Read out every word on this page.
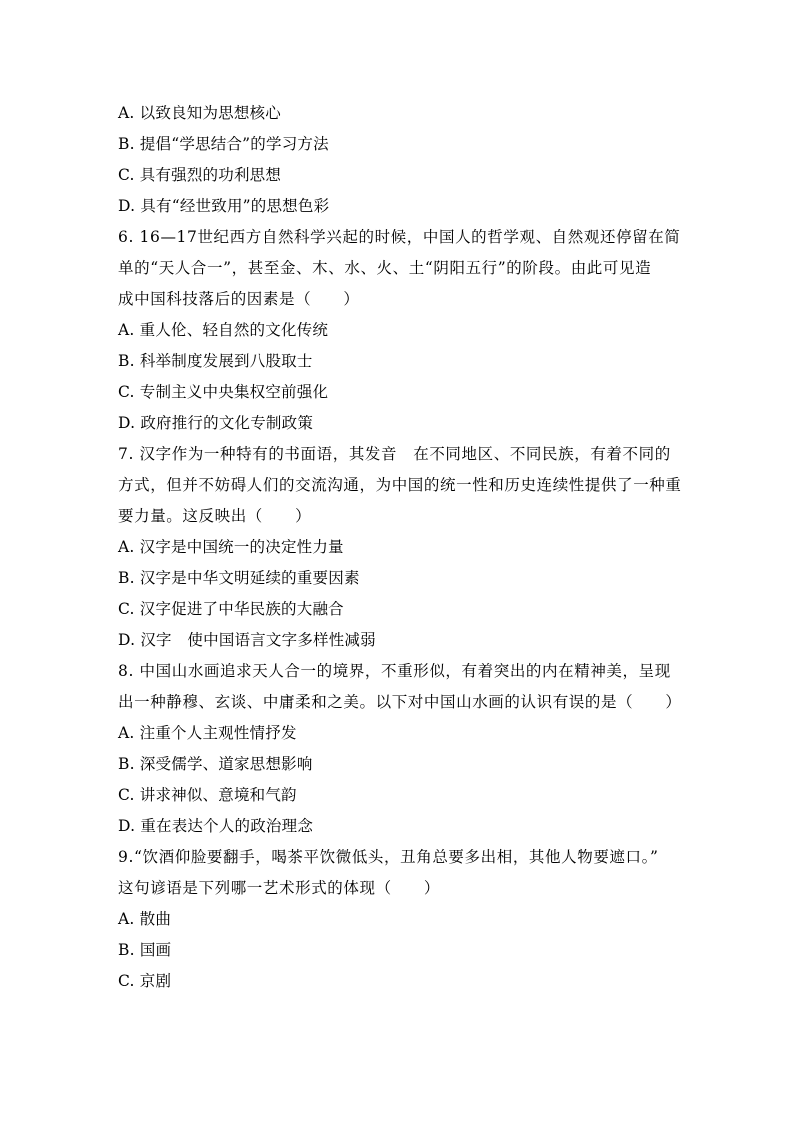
A. 以致良知为思想核心
B. 提倡“学思结合”的学习方法
C. 具有强烈的功利思想
D. 具有“经世致用”的思想色彩
6. 16—17世纪西方自然科学兴起的时候，中国人的哲学观、自然观还停留在简
单的“天人合一”，甚至金、木、水、火、土“阴阳五行”的阶段。由此可见造
成中国科技落后的因素是（　　）
A. 重人伦、轻自然的文化传统
B. 科举制度发展到八股取士
C. 专制主义中央集权空前强化
D. 政府推行的文化专制政策
7. 汉字作为一种特有的书面语，其发音　在不同地区、不同民族，有着不同的
方式，但并不妨碍人们的交流沟通，为中国的统一性和历史连续性提供了一种重
要力量。这反映出（　　）
A. 汉字是中国统一的决定性力量
B. 汉字是中华文明延续的重要因素
C. 汉字促进了中华民族的大融合
D. 汉字　使中国语言文字多样性减弱
8. 中国山水画追求天人合一的境界，不重形似，有着突出的内在精神美，呈现
出一种静穆、玄谈、中庸柔和之美。以下对中国山水画的认识有误的是（　　）
A. 注重个人主观性情抒发
B. 深受儒学、道家思想影响
C. 讲求神似、意境和气韵
D. 重在表达个人的政治理念
9.“饮酒仰脸要翻手，喝茶平饮微低头，丑角总要多出相，其他人物要遮口。”
这句谚语是下列哪一艺术形式的体现（　　）
A. 散曲
B. 国画
C. 京剧
